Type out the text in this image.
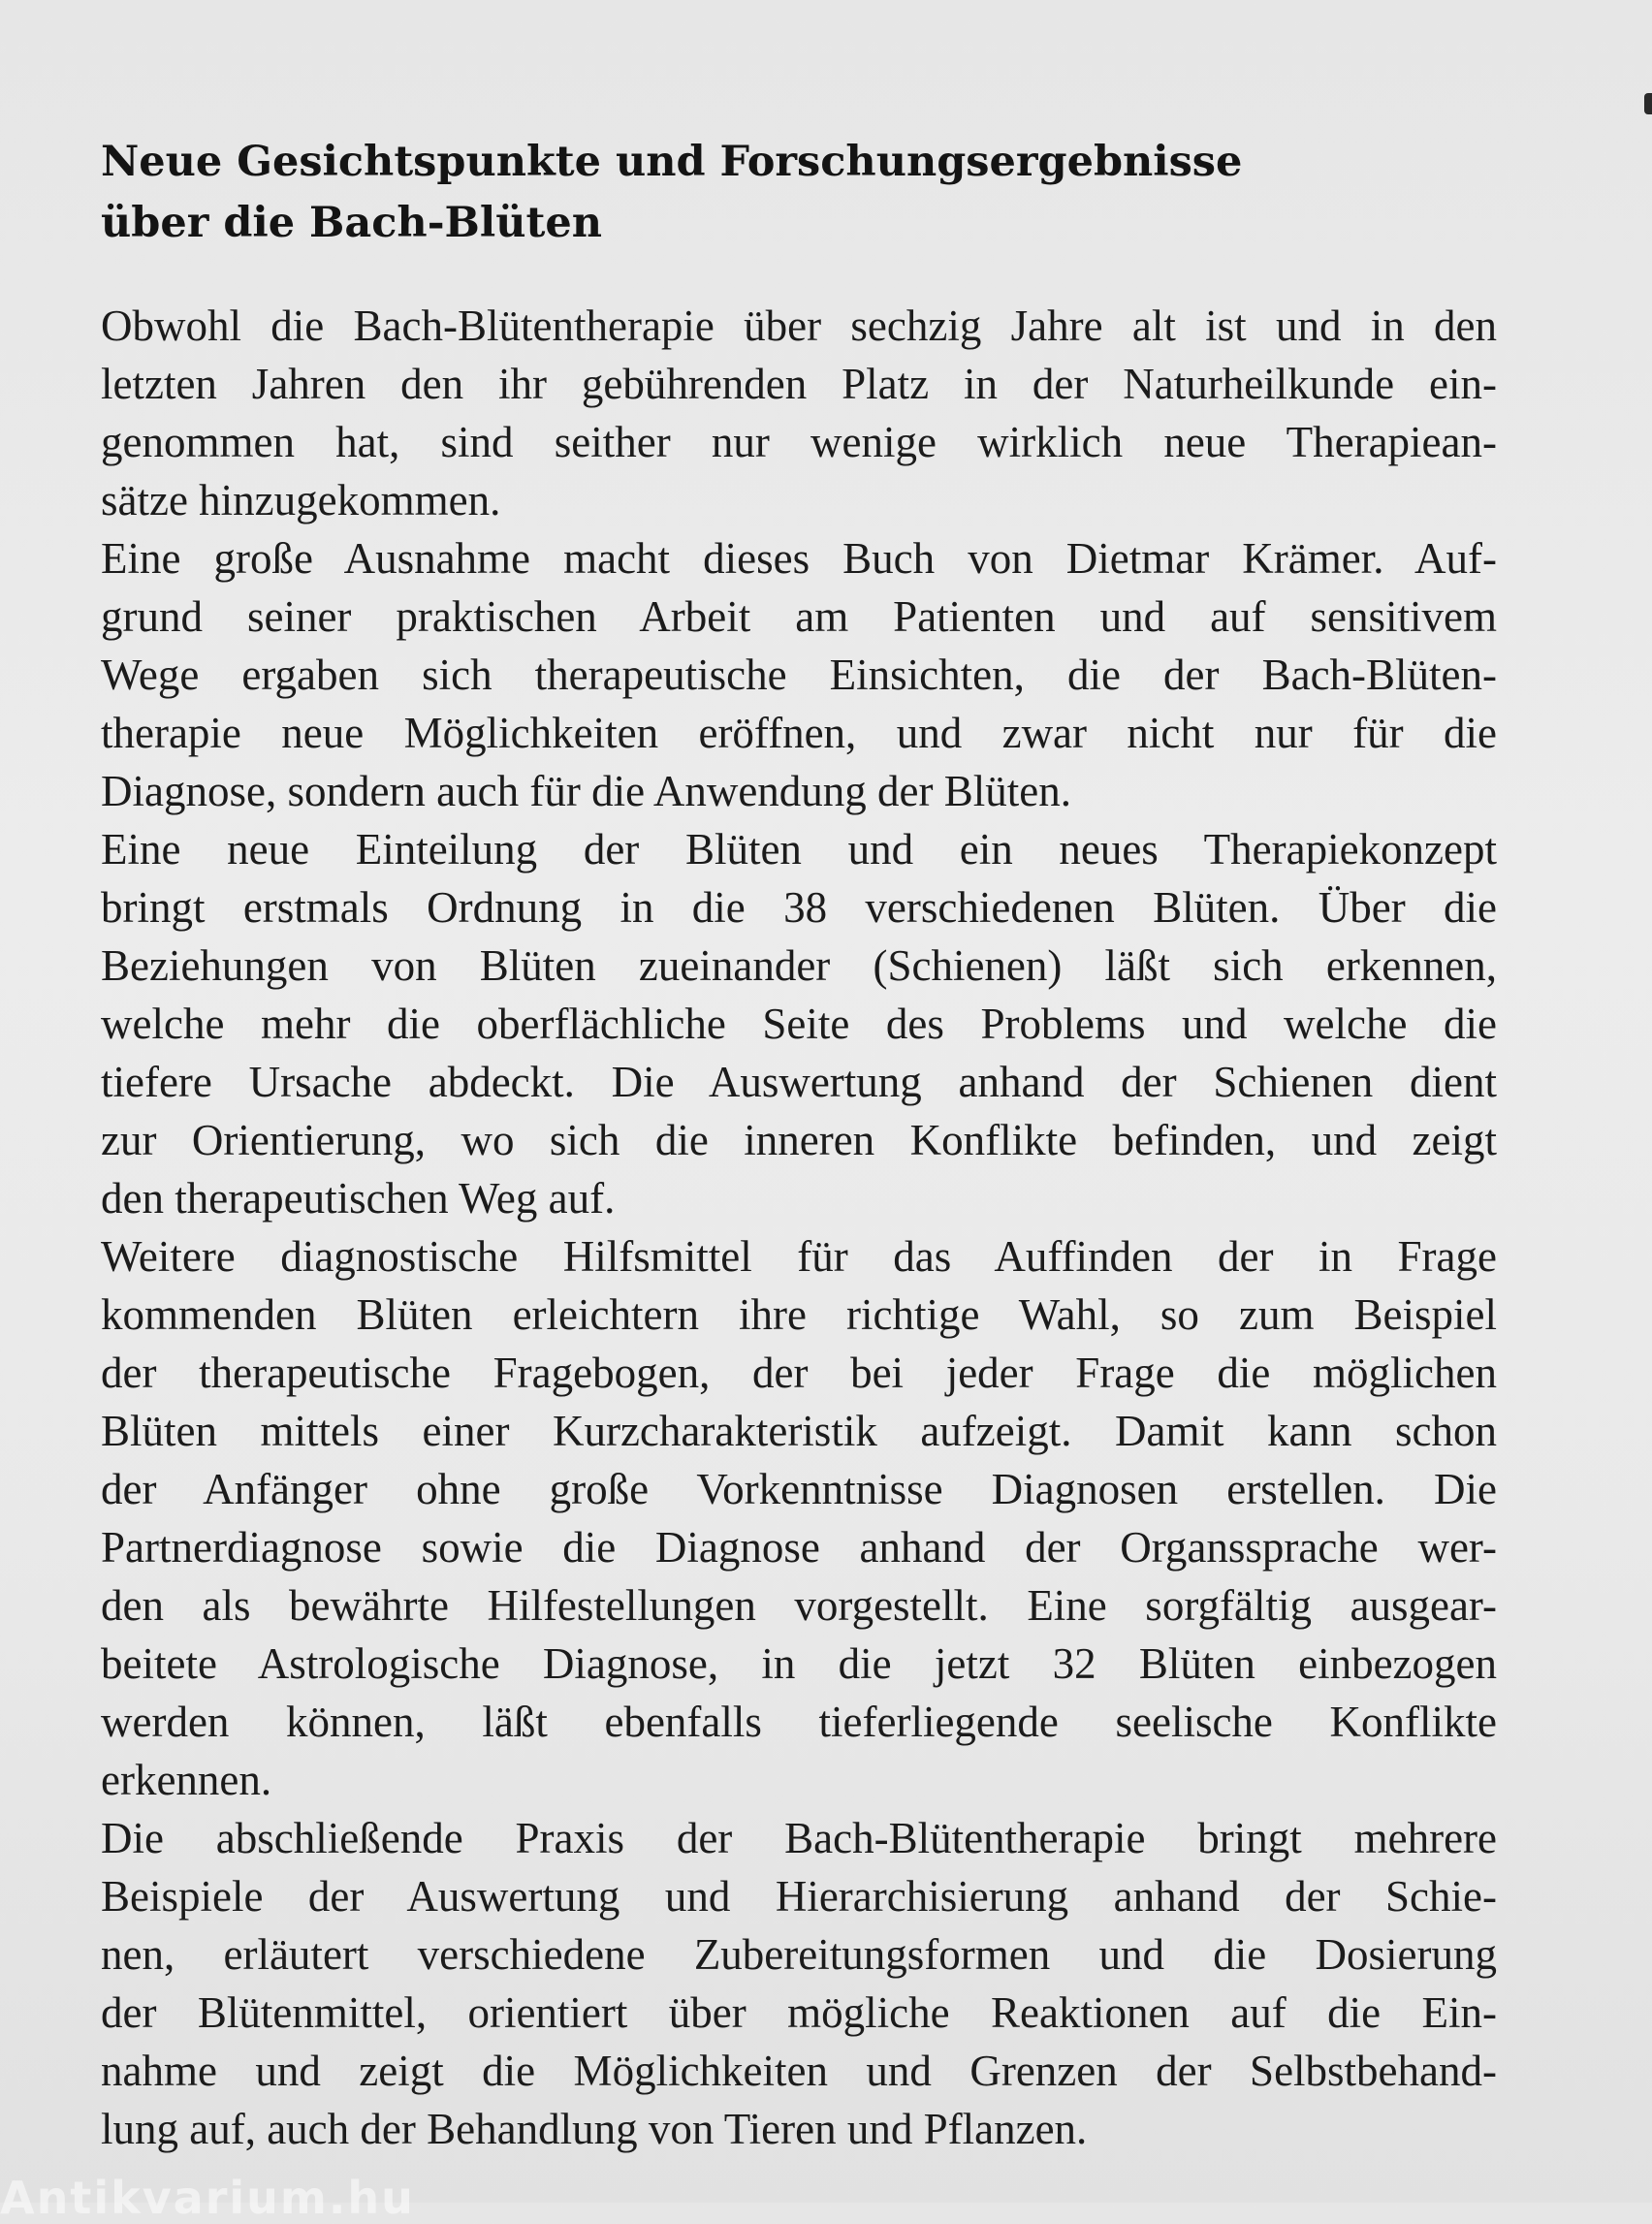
Neue Gesichtspunkte und Forschungsergebnisse
über die Bach-Blüten

Obwohl die Bach-Blütentherapie über sechzig Jahre alt ist und in den
letzten Jahren den ihr gebührenden Platz in der Naturheilkunde ein-
genommen hat, sind seither nur wenige wirklich neue Therapiean-
sätze hinzugekommen.

Eine große Ausnahme macht dieses Buch von Dietmar Krämer. Auf-
grund seiner praktischen Arbeit am Patienten und auf sensitivem
Wege ergaben sich therapeutische Einsichten, die der Bach-Blüten-
therapie neue Möglichkeiten eröffnen, und zwar nicht nur für die
Diagnose, sondern auch für die Anwendung der Blüten.

Eine neue Einteilung der Blüten und ein neues Therapiekonzept
bringt erstmals Ordnung in die 38 verschiedenen Blüten. Über die
Beziehungen von Blüten zueinander (Schienen) läßt sich erkennen,
welche mehr die oberflächliche Seite des Problems und welche die
tiefere Ursache abdeckt. Die Auswertung anhand der Schienen dient
zur Orientierung, wo sich die inneren Konflikte befinden, und zeigt
den therapeutischen Weg auf.

Weitere diagnostische Hilfsmittel für das Auffinden der in Frage
kommenden Blüten erleichtern ihre richtige Wahl, so zum Beispiel
der therapeutische Fragebogen, der bei jeder Frage die möglichen
Blüten mittels einer Kurzcharakteristik aufzeigt. Damit kann schon
der Anfänger ohne große Vorkenntnisse Diagnosen erstellen. Die
Partnerdiagnose sowie die Diagnose anhand der Organssprache wer-
den als bewährte Hilfestellungen vorgestellt. Eine sorgfältig ausgear-
beitete Astrologische Diagnose, in die jetzt 32 Blüten einbezogen
werden können, läßt ebenfalls tieferliegende seelische Konflikte
erkennen.

Die abschließende Praxis der Bach-Blütentherapie bringt mehrere
Beispiele der Auswertung und Hierarchisierung anhand der Schie-
nen, erläutert verschiedene Zubereitungsformen und die Dosierung
der Blütenmittel, orientiert über mögliche Reaktionen auf die Ein-
nahme und zeigt die Möglichkeiten und Grenzen der Selbstbehand-
lung auf, auch der Behandlung von Tieren und Pflanzen.

Antikvarium.hu
